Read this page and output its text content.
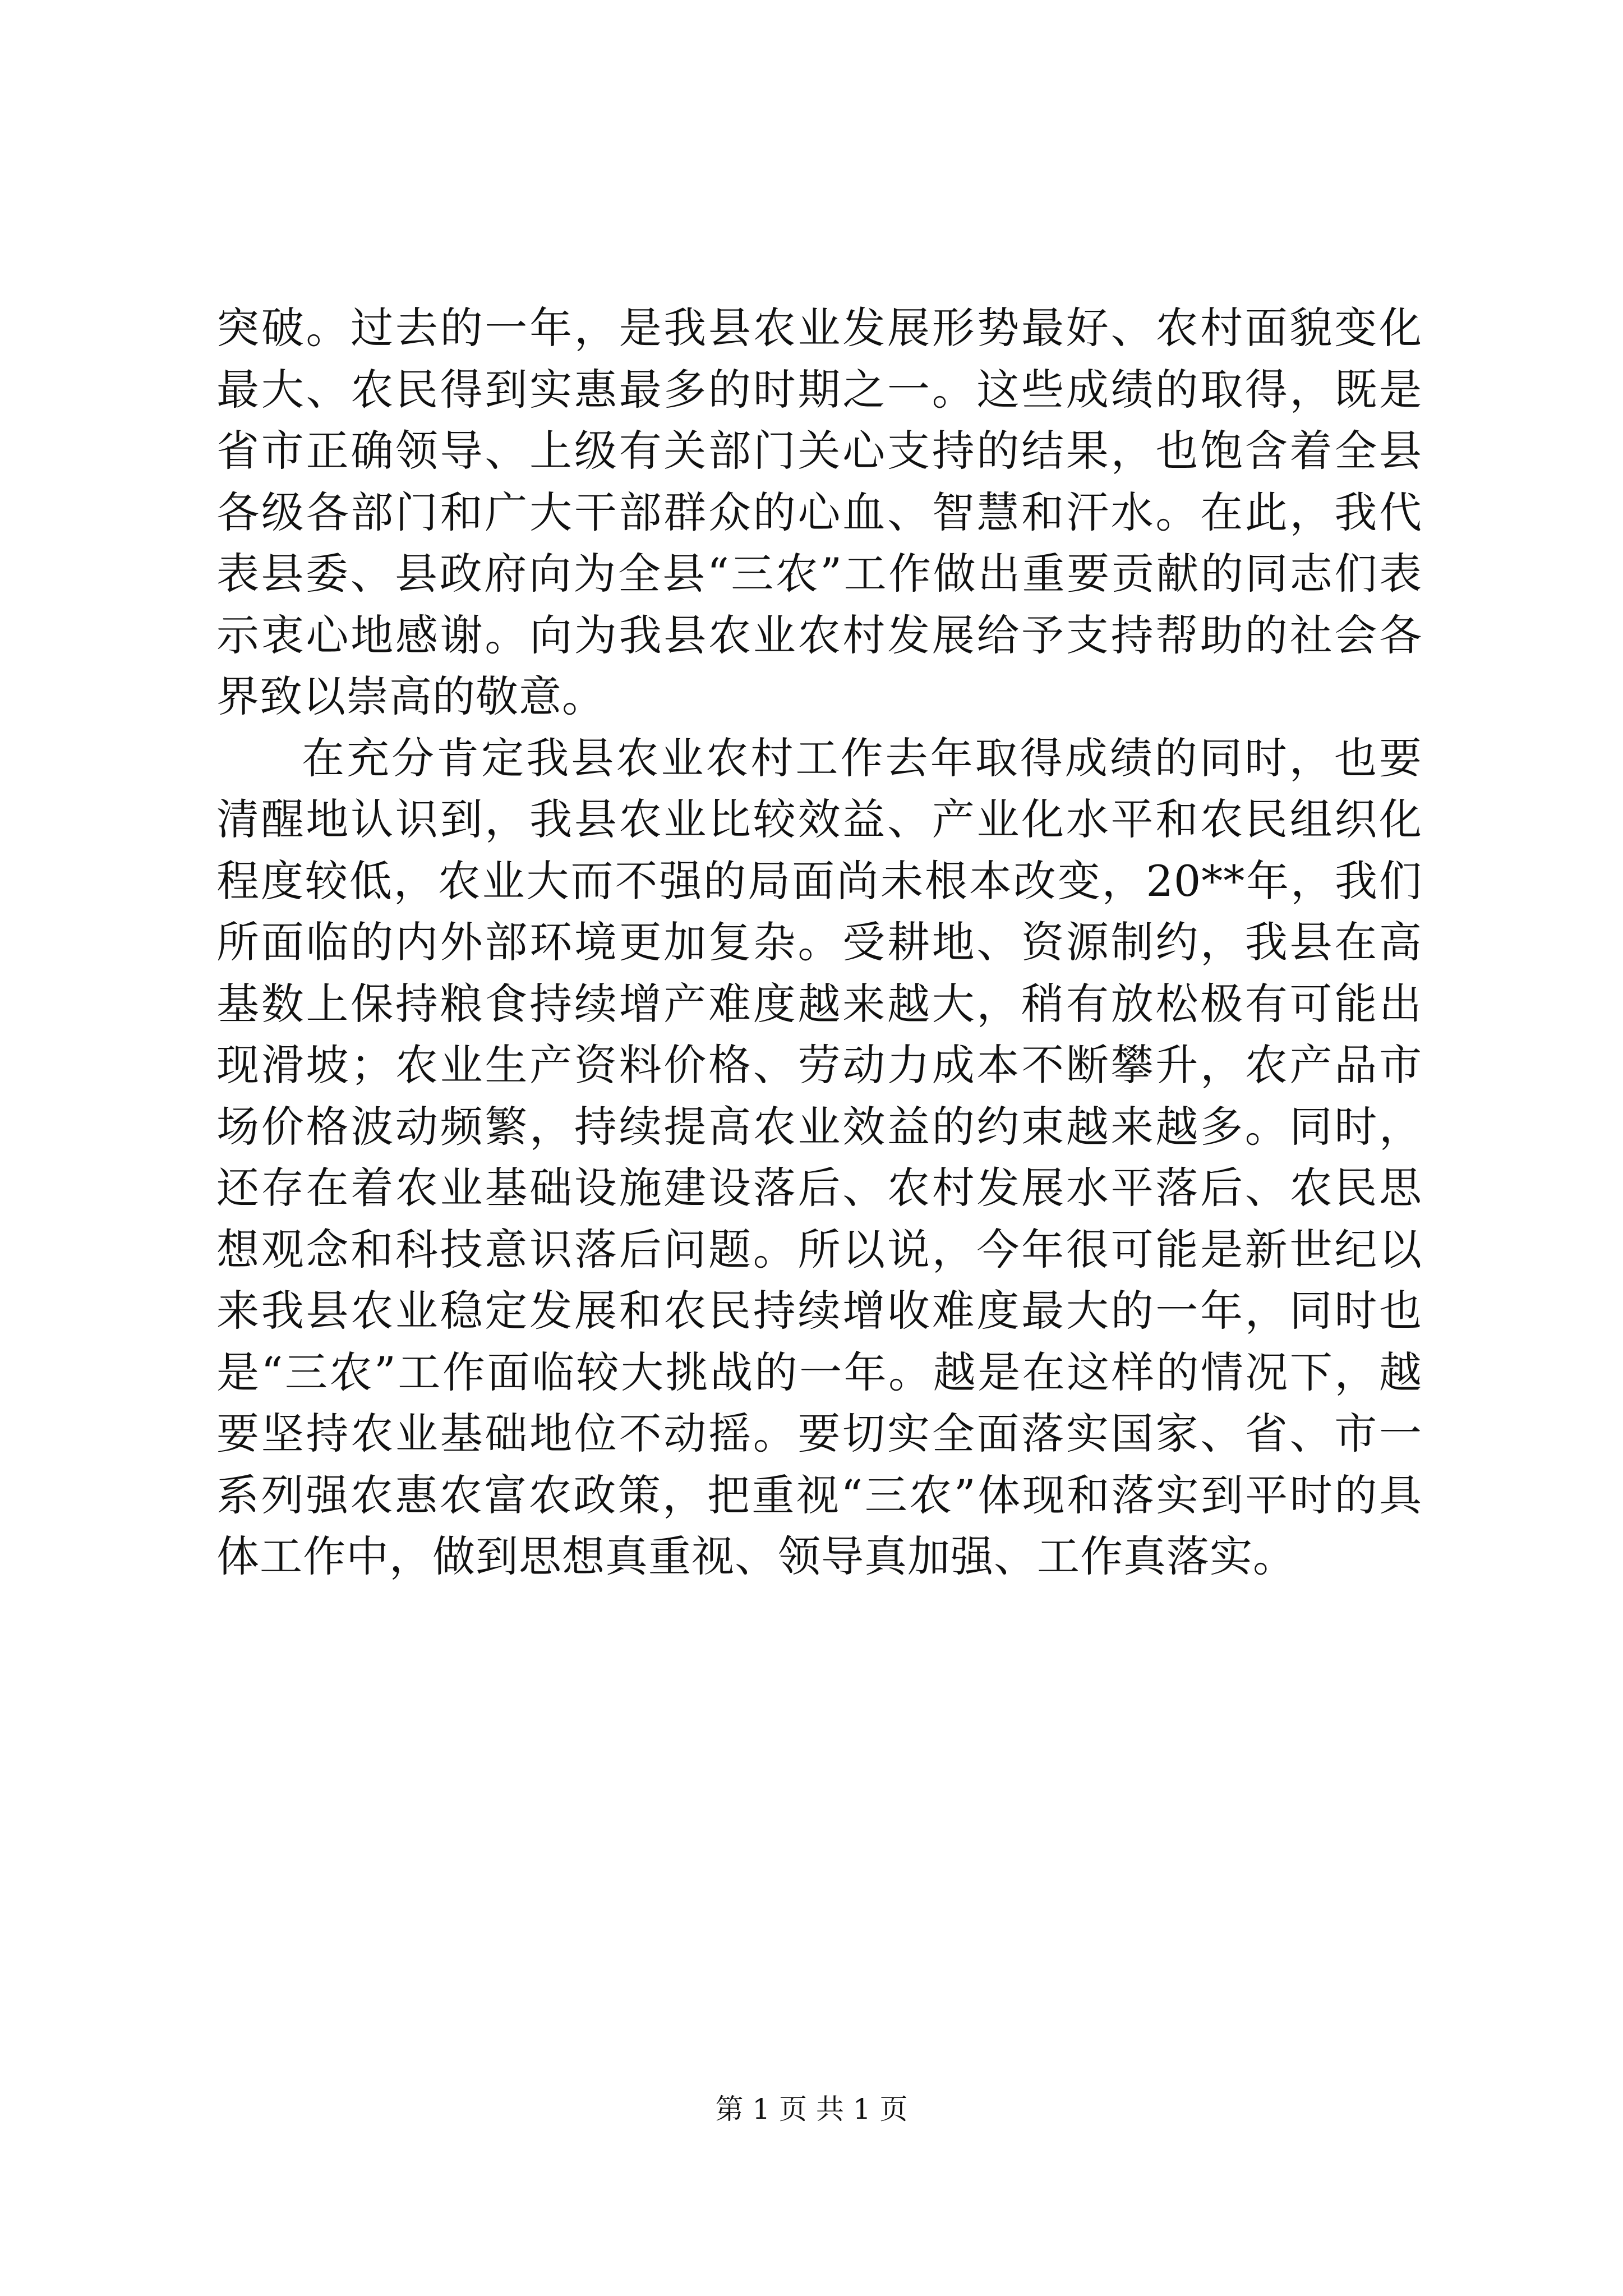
突破。过去的一年，是我县农业发展形势最好、农村面貌变化最大、农民得到实惠最多的时期之一。这些成绩的取得，既是省市正确领导、上级有关部门关心支持的结果，也饱含着全县各级各部门和广大干部群众的心血、智慧和汗水。在此，我代表县委、县政府向为全县“三农”工作做出重要贡献的同志们表示衷心地感谢。向为我县农业农村发展给予支持帮助的社会各界致以崇高的敬意。

在充分肯定我县农业农村工作去年取得成绩的同时，也要清醒地认识到，我县农业比较效益、产业化水平和农民组织化程度较低，农业大而不强的局面尚未根本改变，20**年，我们所面临的内外部环境更加复杂。受耕地、资源制约，我县在高基数上保持粮食持续增产难度越来越大，稍有放松极有可能出现滑坡；农业生产资料价格、劳动力成本不断攀升，农产品市场价格波动频繁，持续提高农业效益的约束越来越多。同时，还存在着农业基础设施建设落后、农村发展水平落后、农民思想观念和科技意识落后问题。所以说，今年很可能是新世纪以来我县农业稳定发展和农民持续增收难度最大的一年，同时也是“三农”工作面临较大挑战的一年。越是在这样的情况下，越要坚持农业基础地位不动摇。要切实全面落实国家、省、市一系列强农惠农富农政策，把重视“三农”体现和落实到平时的具体工作中，做到思想真重视、领导真加强、工作真落实。

第 1 页 共 1 页
